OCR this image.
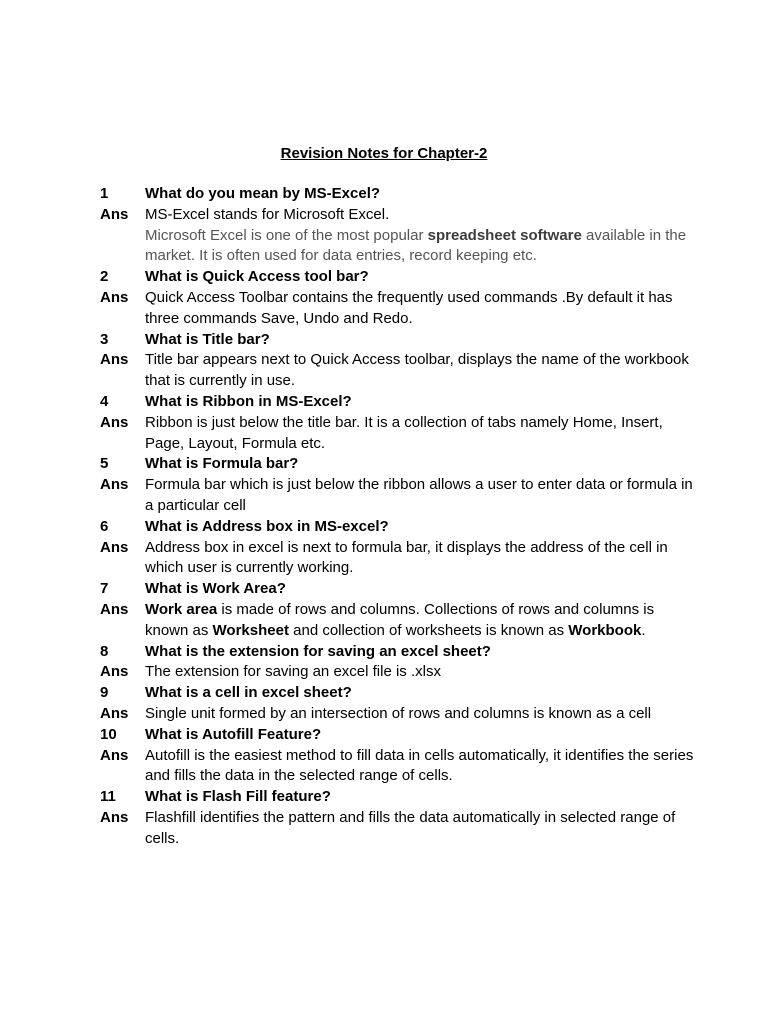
Revision Notes for Chapter-2
1	What do you mean by MS-Excel?
Ans	MS-Excel stands for Microsoft Excel.
Microsoft Excel is one of the most popular spreadsheet software available in the market. It is often used for data entries, record keeping etc.
2	What is Quick Access tool bar?
Ans	Quick Access Toolbar contains the frequently used commands .By default it has three commands Save, Undo and Redo.
3	What is Title bar?
Ans	Title bar appears next to Quick Access toolbar, displays the name of the workbook that is currently in use.
4	What is Ribbon in MS-Excel?
Ans	Ribbon is just below the title bar. It is a collection of tabs namely Home, Insert, Page, Layout, Formula etc.
5	What is Formula bar?
Ans	Formula bar which is just below the ribbon allows a user to enter data or formula in a particular cell
6	What is Address box in MS-excel?
Ans	Address box in excel is next to formula bar, it displays the address of the cell in which user is currently working.
7	What is Work Area?
Ans	Work area is made of rows and columns. Collections of rows and columns is known as Worksheet and collection of worksheets is known as Workbook.
8	What is the extension for saving an excel sheet?
Ans	The extension for saving an excel file is .xlsx
9	What is a cell in excel sheet?
Ans	Single unit formed by an intersection of rows and columns is known as a cell
10	What is Autofill Feature?
Ans	Autofill is the easiest method to fill data in cells automatically, it identifies the series and fills the data in the selected range of cells.
11	What is Flash Fill feature?
Ans	Flashfill identifies the pattern and fills the data automatically in selected range of cells.
